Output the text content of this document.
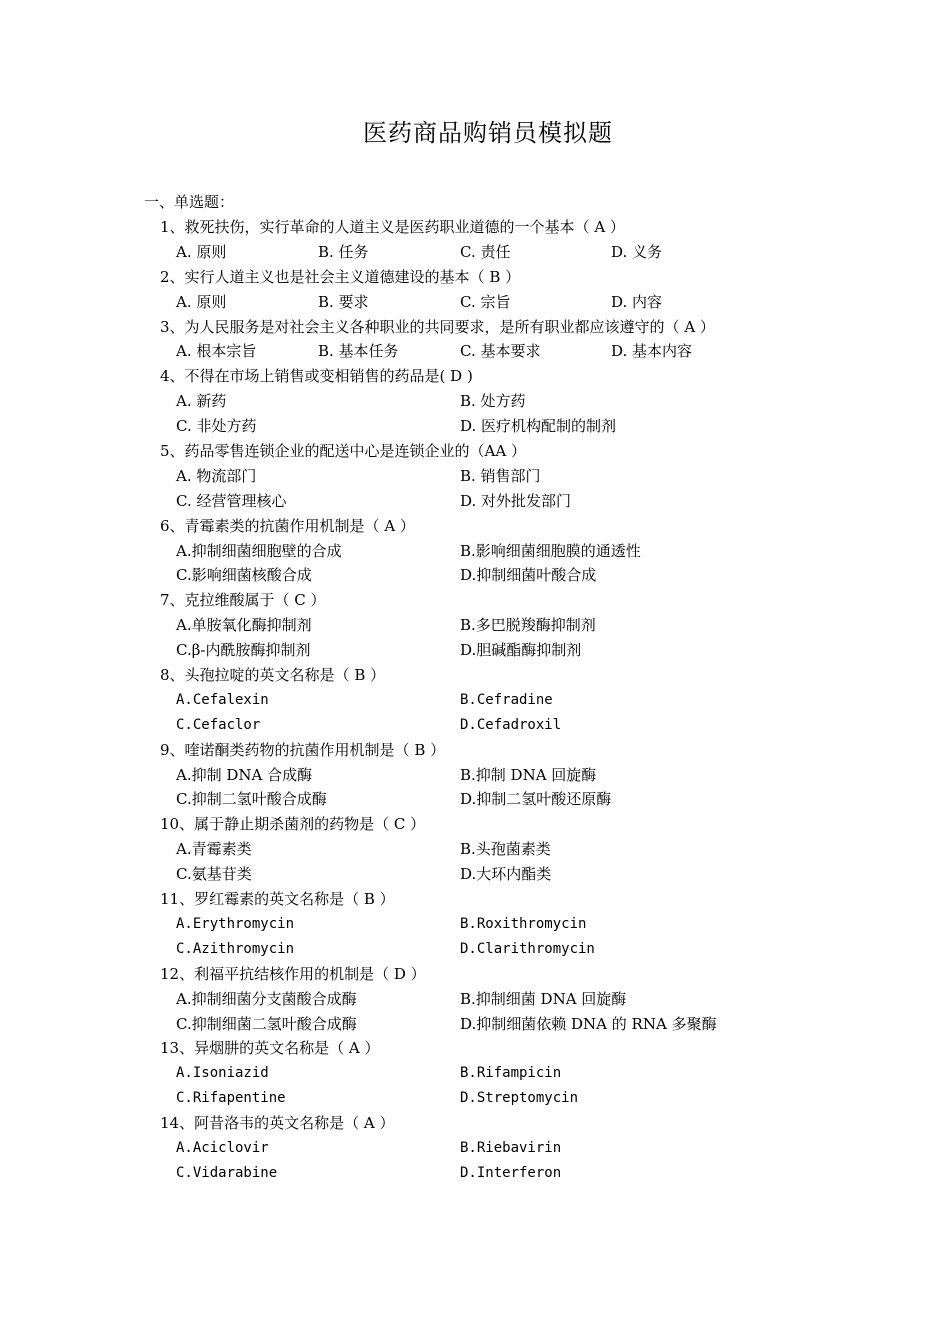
医药商品购销员模拟题
一、单选题：
1、救死扶伤，实行革命的人道主义是医药职业道德的一个基本（ A ）
A. 原则	B. 任务	C. 责任	D. 义务
2、实行人道主义也是社会主义道德建设的基本（ B ）
A. 原则	B. 要求	C. 宗旨	D. 内容
3、为人民服务是对社会主义各种职业的共同要求，是所有职业都应该遵守的（ A ）
A. 根本宗旨	B. 基本任务	C. 基本要求	D. 基本内容
4、不得在市场上销售或变相销售的药品是( D )
A. 新药	B. 处方药
C. 非处方药	D. 医疗机构配制的制剂
5、药品零售连锁企业的配送中心是连锁企业的（AA ）
A. 物流部门	B. 销售部门
C. 经营管理核心	D. 对外批发部门
6、青霉素类的抗菌作用机制是（ A ）
A.抑制细菌细胞壁的合成	B.影响细菌细胞膜的通透性
C.影响细菌核酸合成	D.抑制细菌叶酸合成
7、克拉维酸属于（ C ）
A.单胺氧化酶抑制剂	B.多巴脱羧酶抑制剂
C.β-内酰胺酶抑制剂	D.胆碱酯酶抑制剂
8、头孢拉啶的英文名称是（ B ）
A.Cefalexin	B.Cefradine
C.Cefaclor	D.Cefadroxil
9、喹诺酮类药物的抗菌作用机制是（ B ）
A.抑制 DNA 合成酶	B.抑制 DNA 回旋酶
C.抑制二氢叶酸合成酶	D.抑制二氢叶酸还原酶
10、属于静止期杀菌剂的药物是（ C ）
A.青霉素类	B.头孢菌素类
C.氨基苷类	D.大环内酯类
11、罗红霉素的英文名称是（ B ）
A.Erythromycin	B.Roxithromycin
C.Azithromycin	D.Clarithromycin
12、利福平抗结核作用的机制是（ D ）
A.抑制细菌分支菌酸合成酶	B.抑制细菌 DNA 回旋酶
C.抑制细菌二氢叶酸合成酶	D.抑制细菌依赖 DNA 的 RNA 多聚酶
13、异烟肼的英文名称是（ A ）
A.Isoniazid	B.Rifampicin
C.Rifapentine	D.Streptomycin
14、阿昔洛韦的英文名称是（ A ）
A.Aciclovir	B.Riebavirin
C.Vidarabine	D.Interferon
